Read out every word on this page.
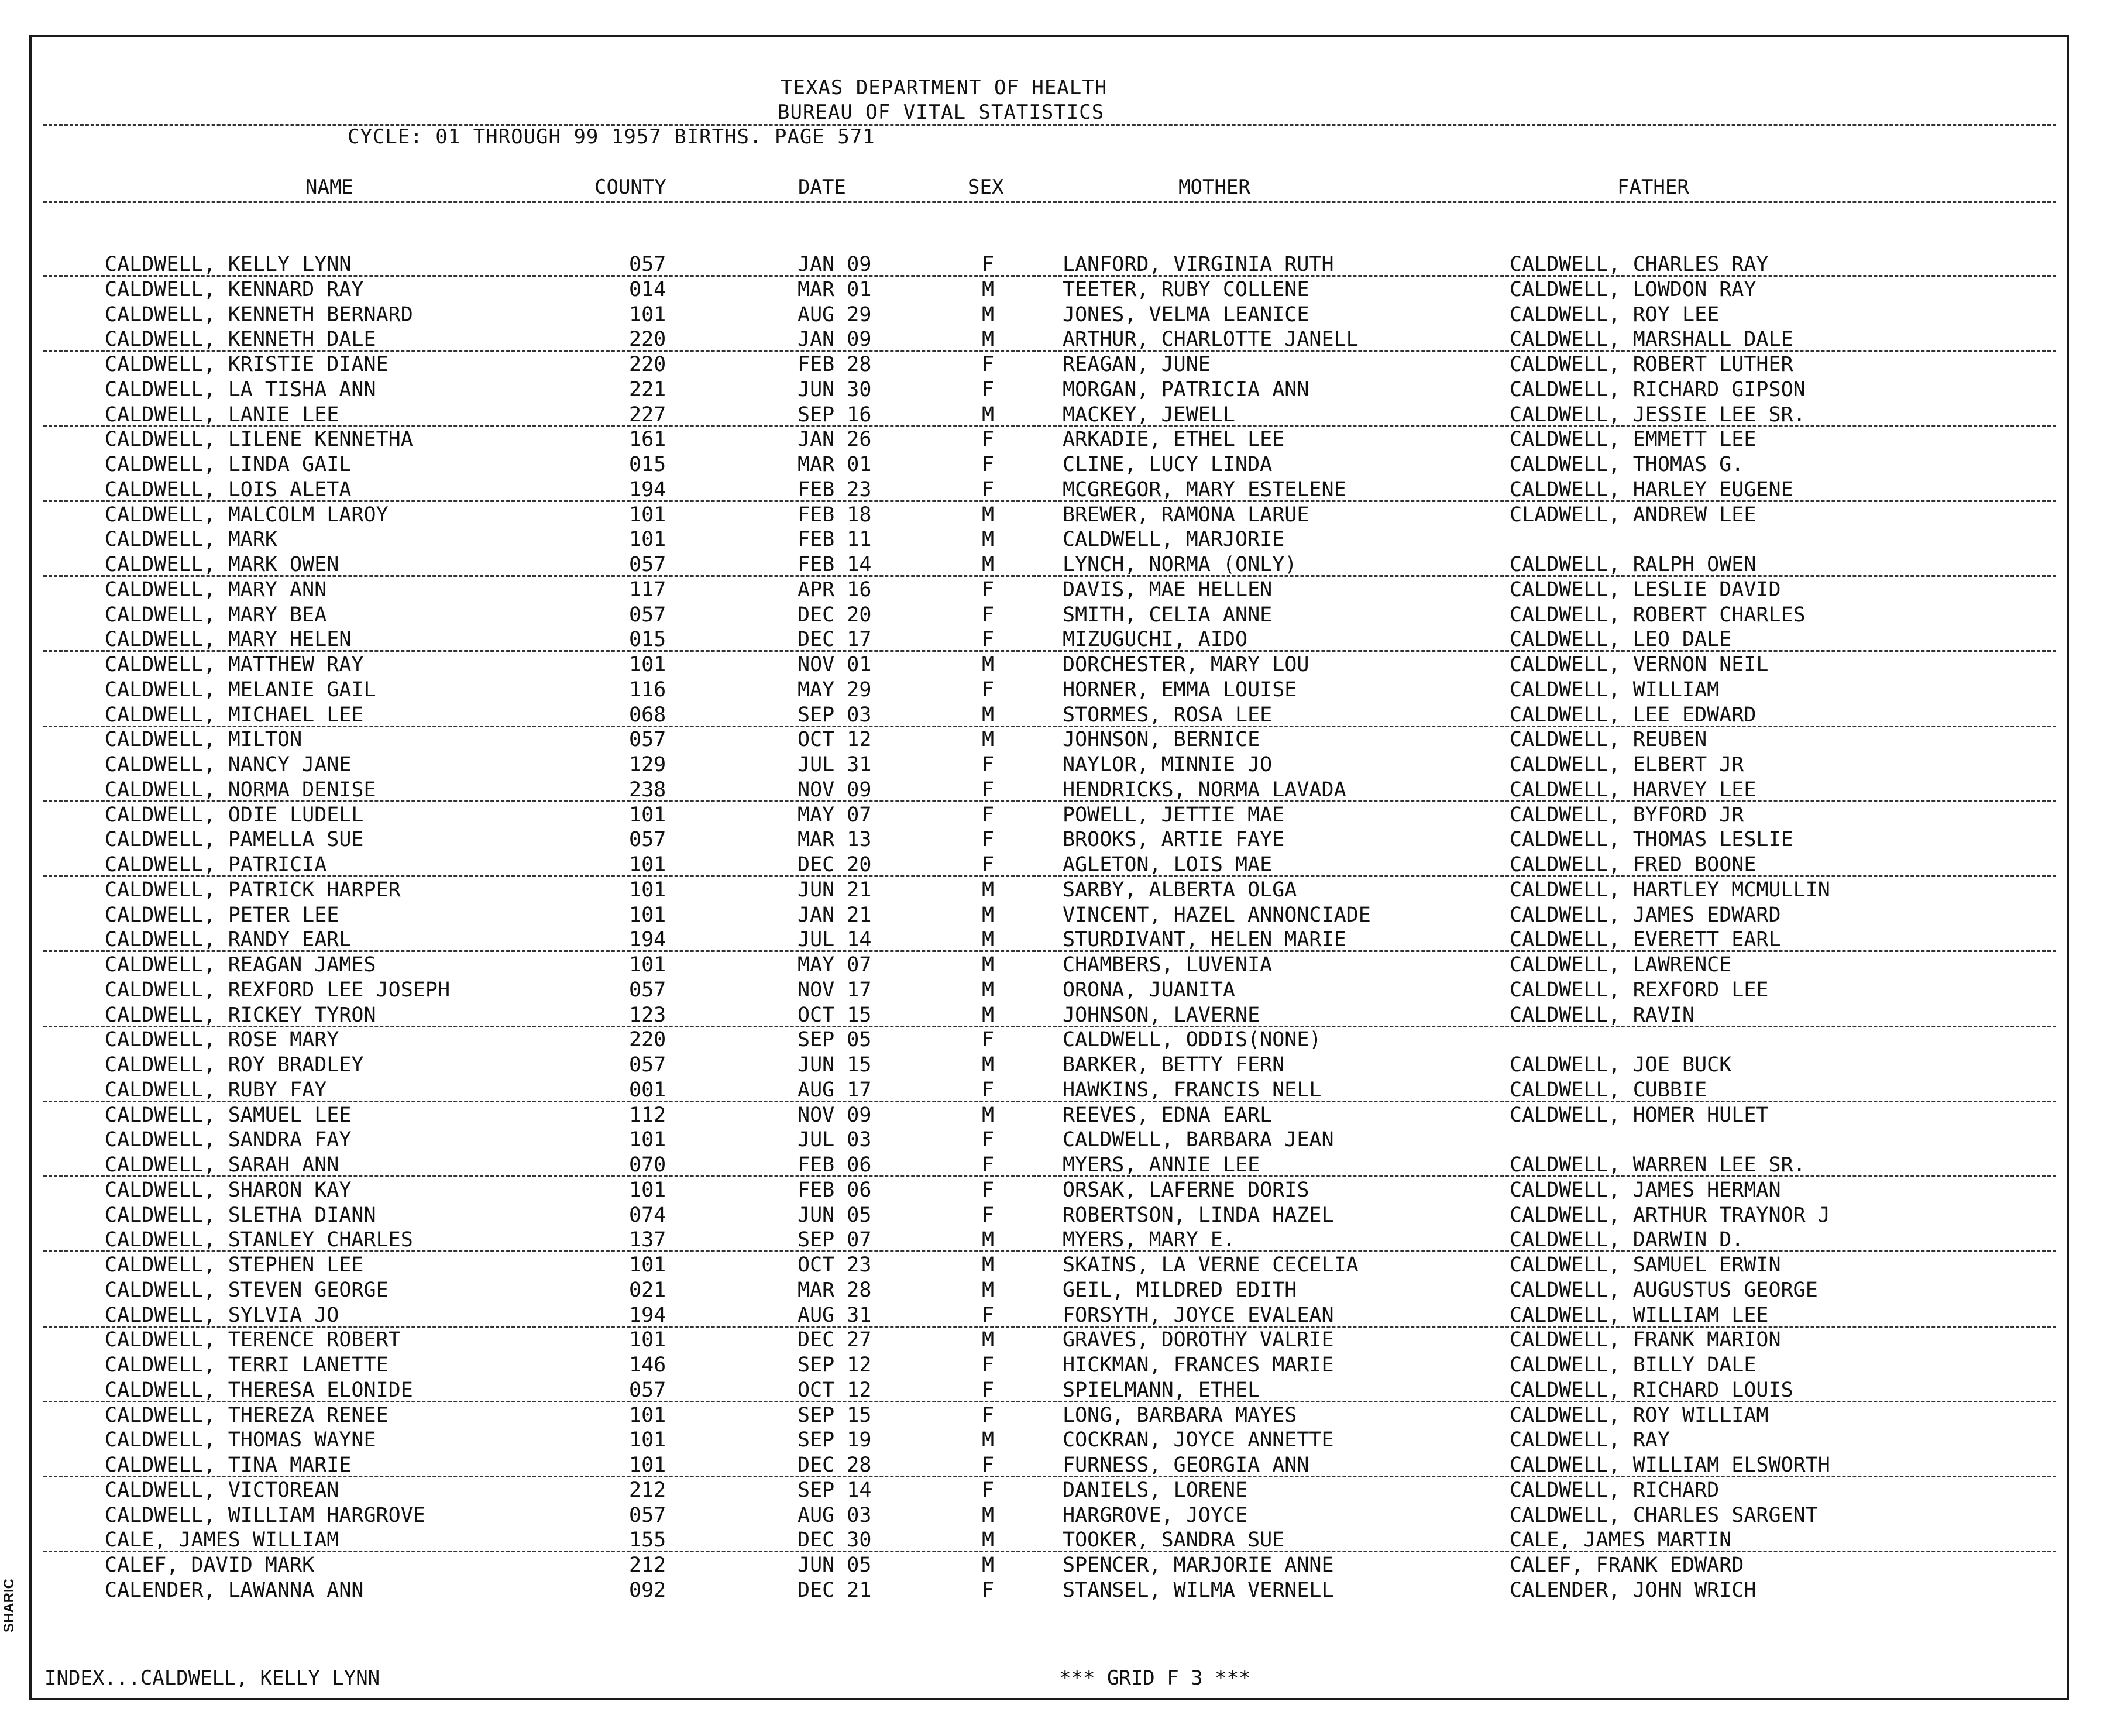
TEXAS DEPARTMENT OF HEALTH
BUREAU OF VITAL STATISTICS
CYCLE: 01 THROUGH 99 1957 BIRTHS. PAGE 571
NAME	COUNTY	DATE	SEX	MOTHER	FATHER
CALDWELL, KELLY LYNN	057	JAN 09	F	LANFORD, VIRGINIA RUTH	CALDWELL, CHARLES RAY
CALDWELL, KENNARD RAY	014	MAR 01	M	TEETER, RUBY COLLENE	CALDWELL, LOWDON RAY
CALDWELL, KENNETH BERNARD	101	AUG 29	M	JONES, VELMA LEANICE	CALDWELL, ROY LEE
CALDWELL, KENNETH DALE	220	JAN 09	M	ARTHUR, CHARLOTTE JANELL	CALDWELL, MARSHALL DALE
CALDWELL, KRISTIE DIANE	220	FEB 28	F	REAGAN, JUNE	CALDWELL, ROBERT LUTHER
CALDWELL, LA TISHA ANN	221	JUN 30	F	MORGAN, PATRICIA ANN	CALDWELL, RICHARD GIPSON
CALDWELL, LANIE LEE	227	SEP 16	M	MACKEY, JEWELL	CALDWELL, JESSIE LEE SR.
CALDWELL, LILENE KENNETHA	161	JAN 26	F	ARKADIE, ETHEL LEE	CALDWELL, EMMETT LEE
CALDWELL, LINDA GAIL	015	MAR 01	F	CLINE, LUCY LINDA	CALDWELL, THOMAS G.
CALDWELL, LOIS ALETA	194	FEB 23	F	MCGREGOR, MARY ESTELENE	CALDWELL, HARLEY EUGENE
CALDWELL, MALCOLM LAROY	101	FEB 18	M	BREWER, RAMONA LARUE	CLADWELL, ANDREW LEE
CALDWELL, MARK	101	FEB 11	M	CALDWELL, MARJORIE
CALDWELL, MARK OWEN	057	FEB 14	M	LYNCH, NORMA (ONLY)	CALDWELL, RALPH OWEN
CALDWELL, MARY ANN	117	APR 16	F	DAVIS, MAE HELLEN	CALDWELL, LESLIE DAVID
CALDWELL, MARY BEA	057	DEC 20	F	SMITH, CELIA ANNE	CALDWELL, ROBERT CHARLES
CALDWELL, MARY HELEN	015	DEC 17	F	MIZUGUCHI, AIDO	CALDWELL, LEO DALE
CALDWELL, MATTHEW RAY	101	NOV 01	M	DORCHESTER, MARY LOU	CALDWELL, VERNON NEIL
CALDWELL, MELANIE GAIL	116	MAY 29	F	HORNER, EMMA LOUISE	CALDWELL, WILLIAM
CALDWELL, MICHAEL LEE	068	SEP 03	M	STORMES, ROSA LEE	CALDWELL, LEE EDWARD
CALDWELL, MILTON	057	OCT 12	M	JOHNSON, BERNICE	CALDWELL, REUBEN
CALDWELL, NANCY JANE	129	JUL 31	F	NAYLOR, MINNIE JO	CALDWELL, ELBERT JR
CALDWELL, NORMA DENISE	238	NOV 09	F	HENDRICKS, NORMA LAVADA	CALDWELL, HARVEY LEE
CALDWELL, ODIE LUDELL	101	MAY 07	F	POWELL, JETTIE MAE	CALDWELL, BYFORD JR
CALDWELL, PAMELLA SUE	057	MAR 13	F	BROOKS, ARTIE FAYE	CALDWELL, THOMAS LESLIE
CALDWELL, PATRICIA	101	DEC 20	F	AGLETON, LOIS MAE	CALDWELL, FRED BOONE
CALDWELL, PATRICK HARPER	101	JUN 21	M	SARBY, ALBERTA OLGA	CALDWELL, HARTLEY MCMULLIN
CALDWELL, PETER LEE	101	JAN 21	M	VINCENT, HAZEL ANNONCIADE	CALDWELL, JAMES EDWARD
CALDWELL, RANDY EARL	194	JUL 14	M	STURDIVANT, HELEN MARIE	CALDWELL, EVERETT EARL
CALDWELL, REAGAN JAMES	101	MAY 07	M	CHAMBERS, LUVENIA	CALDWELL, LAWRENCE
CALDWELL, REXFORD LEE JOSEPH	057	NOV 17	M	ORONA, JUANITA	CALDWELL, REXFORD LEE
CALDWELL, RICKEY TYRON	123	OCT 15	M	JOHNSON, LAVERNE	CALDWELL, RAVIN
CALDWELL, ROSE MARY	220	SEP 05	F	CALDWELL, ODDIS(NONE)
CALDWELL, ROY BRADLEY	057	JUN 15	M	BARKER, BETTY FERN	CALDWELL, JOE BUCK
CALDWELL, RUBY FAY	001	AUG 17	F	HAWKINS, FRANCIS NELL	CALDWELL, CUBBIE
CALDWELL, SAMUEL LEE	112	NOV 09	M	REEVES, EDNA EARL	CALDWELL, HOMER HULET
CALDWELL, SANDRA FAY	101	JUL 03	F	CALDWELL, BARBARA JEAN
CALDWELL, SARAH ANN	070	FEB 06	F	MYERS, ANNIE LEE	CALDWELL, WARREN LEE SR.
CALDWELL, SHARON KAY	101	FEB 06	F	ORSAK, LAFERNE DORIS	CALDWELL, JAMES HERMAN
CALDWELL, SLETHA DIANN	074	JUN 05	F	ROBERTSON, LINDA HAZEL	CALDWELL, ARTHUR TRAYNOR J
CALDWELL, STANLEY CHARLES	137	SEP 07	M	MYERS, MARY E.	CALDWELL, DARWIN D.
CALDWELL, STEPHEN LEE	101	OCT 23	M	SKAINS, LA VERNE CECELIA	CALDWELL, SAMUEL ERWIN
CALDWELL, STEVEN GEORGE	021	MAR 28	M	GEIL, MILDRED EDITH	CALDWELL, AUGUSTUS GEORGE
CALDWELL, SYLVIA JO	194	AUG 31	F	FORSYTH, JOYCE EVALEAN	CALDWELL, WILLIAM LEE
CALDWELL, TERENCE ROBERT	101	DEC 27	M	GRAVES, DOROTHY VALRIE	CALDWELL, FRANK MARION
CALDWELL, TERRI LANETTE	146	SEP 12	F	HICKMAN, FRANCES MARIE	CALDWELL, BILLY DALE
CALDWELL, THERESA ELONIDE	057	OCT 12	F	SPIELMANN, ETHEL	CALDWELL, RICHARD LOUIS
CALDWELL, THEREZA RENEE	101	SEP 15	F	LONG, BARBARA MAYES	CALDWELL, ROY WILLIAM
CALDWELL, THOMAS WAYNE	101	SEP 19	M	COCKRAN, JOYCE ANNETTE	CALDWELL, RAY
CALDWELL, TINA MARIE	101	DEC 28	F	FURNESS, GEORGIA ANN	CALDWELL, WILLIAM ELSWORTH
CALDWELL, VICTOREAN	212	SEP 14	F	DANIELS, LORENE	CALDWELL, RICHARD
CALDWELL, WILLIAM HARGROVE	057	AUG 03	M	HARGROVE, JOYCE	CALDWELL, CHARLES SARGENT
CALE, JAMES WILLIAM	155	DEC 30	M	TOOKER, SANDRA SUE	CALE, JAMES MARTIN
CALEF, DAVID MARK	212	JUN 05	M	SPENCER, MARJORIE ANNE	CALEF, FRANK EDWARD
CALENDER, LAWANNA ANN	092	DEC 21	F	STANSEL, WILMA VERNELL	CALENDER, JOHN WRICH
INDEX...CALDWELL, KELLY LYNN	*** GRID F 3 ***
SHARIC
